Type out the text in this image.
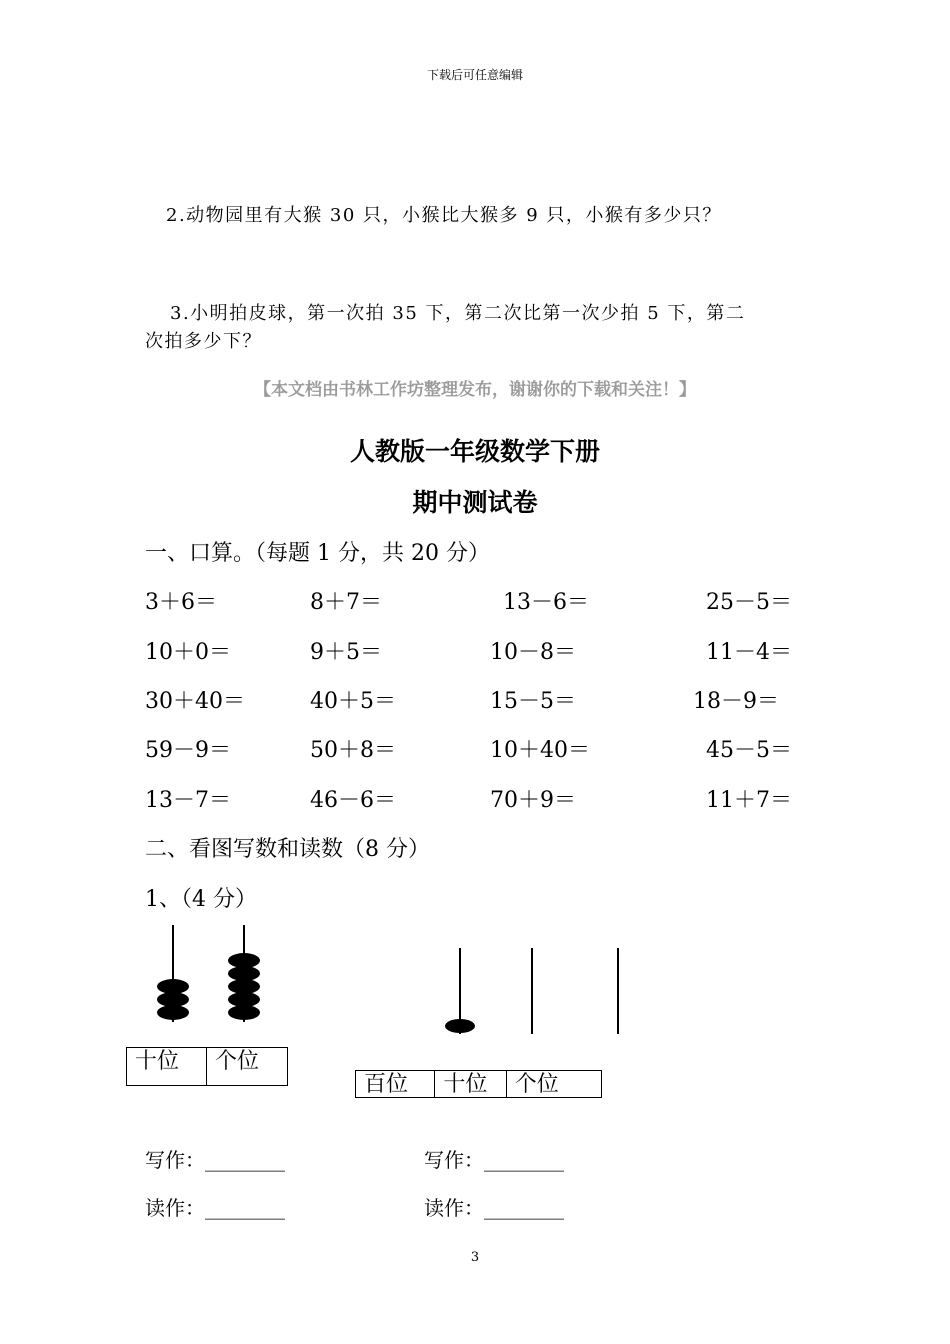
下载后可任意编辑
2.动物园里有大猴 30 只，小猴比大猴多 9 只，小猴有多少只？
3.小明拍皮球，第一次拍 35 下，第二次比第一次少拍 5 下，第二
次拍多少下？
【本文档由书林工作坊整理发布，谢谢你的下载和关注！】
人教版一年级数学下册
期中测试卷
一、口算。（每题 1 分，共 20 分）
3＋6＝	8＋7＝	13－6＝	25－5＝
10＋0＝	9＋5＝	10－8＝	11－4＝
30＋40＝	40＋5＝	15－5＝	18－9＝
59－9＝	50＋8＝	10＋40＝	45－5＝
13－7＝	46－6＝	70＋9＝	11＋7＝
二、看图写数和读数（8 分）
1、（4 分）
十位	个位
百位	十位	个位
写作：________	写作：________
读作：________	读作：________
3
